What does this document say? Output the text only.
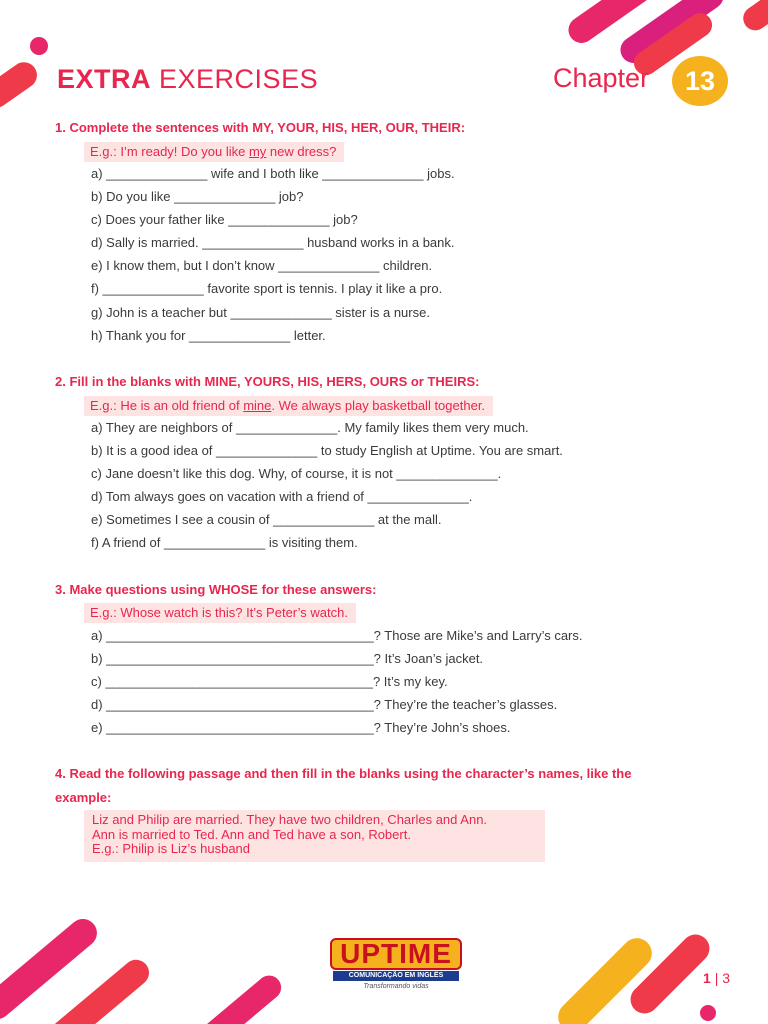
EXTRA EXERCISES	Chapter 13
1. Complete the sentences with MY, YOUR, HIS, HER, OUR, THEIR:
E.g.: I’m ready! Do you like my new dress?
a) ______________ wife and I both like ______________ jobs.
b) Do you like ______________ job?
c) Does your father like ______________ job?
d) Sally is married. ______________ husband works in a bank.
e) I know them, but I don’t know ______________ children.
f) ______________ favorite sport is tennis. I play it like a pro.
g) John is a teacher but ______________ sister is a nurse.
h) Thank you for ______________ letter.
2. Fill in the blanks with MINE, YOURS, HIS, HERS, OURS or THEIRS:
E.g.: He is an old friend of mine. We always play basketball together.
a) They are neighbors of ______________. My family likes them very much.
b) It is a good idea of ______________ to study English at Uptime. You are smart.
c) Jane doesn’t like this dog. Why, of course, it is not ______________.
d) Tom always goes on vacation with a friend of ______________.
e) Sometimes I see a cousin of ______________ at the mall.
f) A friend of ______________ is visiting them.
3. Make questions using WHOSE for these answers:
E.g.: Whose watch is this? It’s Peter’s watch.
a) _____________________________________? Those are Mike’s and Larry’s cars.
b) _____________________________________? It’s Joan’s jacket.
c) _____________________________________? It’s my key.
d) _____________________________________? They’re the teacher’s glasses.
e) _____________________________________? They’re John’s shoes.
4. Read the following passage and then fill in the blanks using the character’s names, like the
example:
Liz and Philip are married. They have two children, Charles and Ann.
Ann is married to Ted. Ann and Ted have a son, Robert.
E.g.: Philip is Liz’s husband
UPTIME
COMUNICAÇÃO EM INGLÊS
Transformando vidas
1 | 3
